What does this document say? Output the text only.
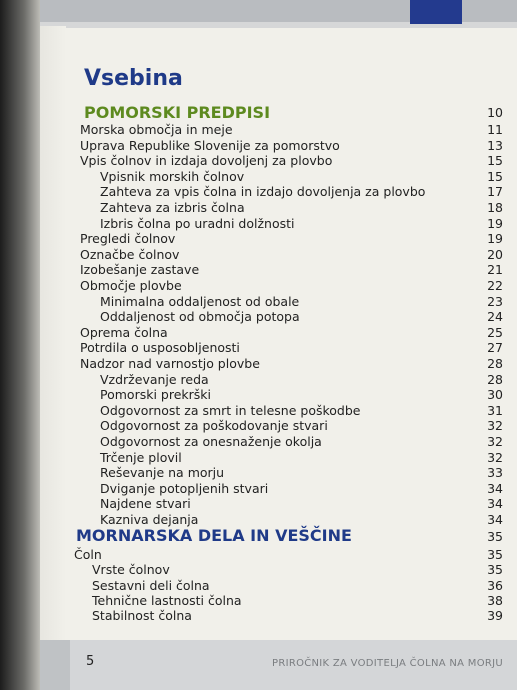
Vsebina
POMORSKI PREDPISI	10
Morska območja in meje	11
Uprava Republike Slovenije za pomorstvo	13
Vpis čolnov in izdaja dovoljenj za plovbo	15
Vpisnik morskih čolnov	15
Zahteva za vpis čolna in izdajo dovoljenja za plovbo	17
Zahteva za izbris čolna	18
Izbris čolna po uradni dolžnosti	19
Pregledi čolnov	19
Označbe čolnov	20
Izobešanje zastave	21
Območje plovbe	22
Minimalna oddaljenost od obale	23
Oddaljenost od območja potopa	24
Oprema čolna	25
Potrdila o usposobljenosti	27
Nadzor nad varnostjo plovbe	28
Vzdrževanje reda	28
Pomorski prekrški	30
Odgovornost za smrt in telesne poškodbe	31
Odgovornost za poškodovanje stvari	32
Odgovornost za onesnaženje okolja	32
Trčenje plovil	32
Reševanje na morju	33
Dviganje potopljenih stvari	34
Najdene stvari	34
Kazniva dejanja	34
MORNARSKA DELA IN VEŠČINE	35
Čoln	35
Vrste čolnov	35
Sestavni deli čolna	36
Tehnične lastnosti čolna	38
Stabilnost čolna	39
5	PRIROČNIK ZA VODITELJA ČOLNA NA MORJU
